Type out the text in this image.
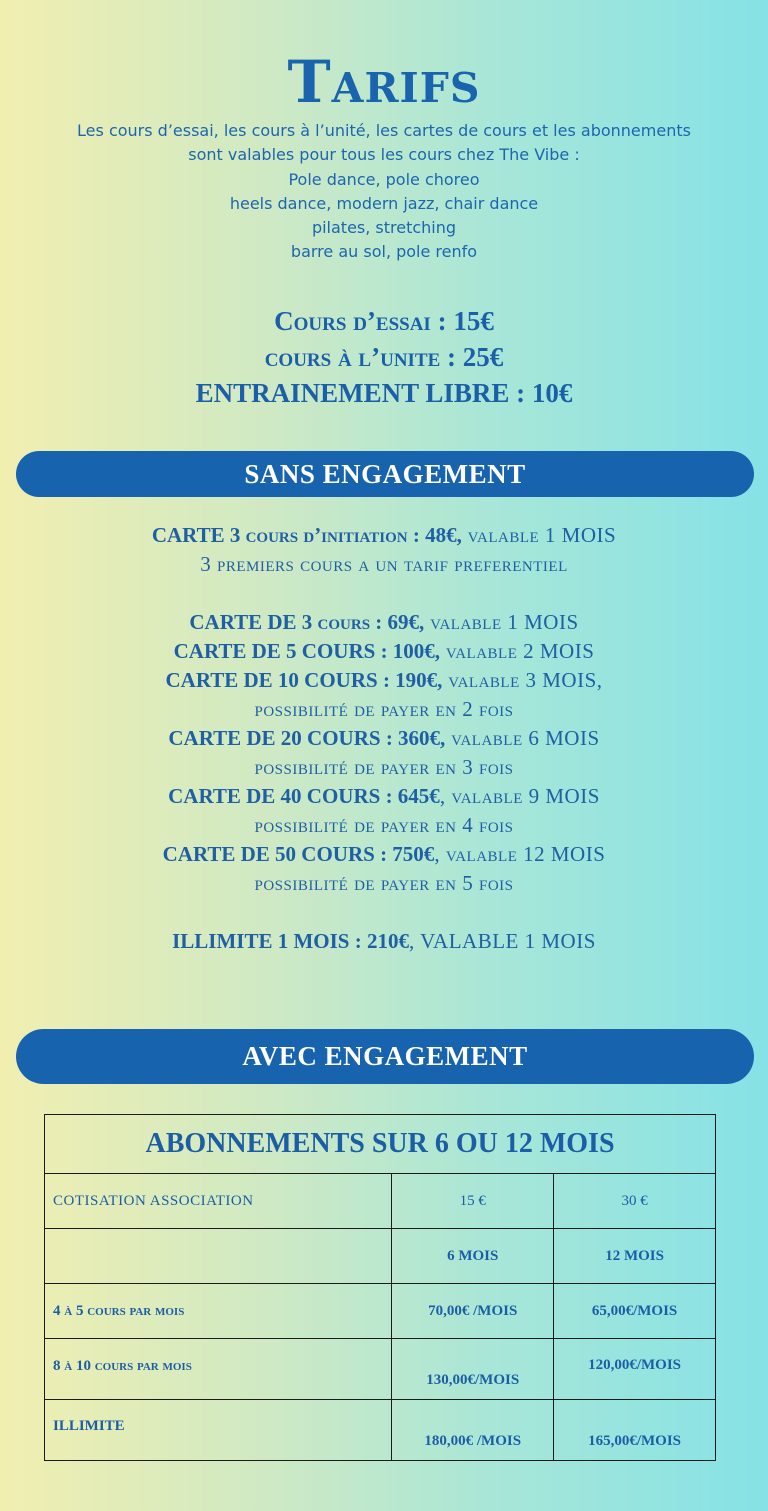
Tarifs
Les cours d’essai, les cours à l’unité, les cartes de cours et les abonnements
sont valables pour tous les cours chez The Vibe :
Pole dance, pole choreo
heels dance, modern jazz, chair dance
pilates, stretching
barre au sol, pole renfo
Cours d’essai : 15€
cours à l’unite : 25€
ENTRAINEMENT LIBRE : 10€
SANS ENGAGEMENT
CARTE 3 cours d’initiation : 48€, valable 1 MOIS
3 premiers cours a un tarif preferentiel
CARTE DE 3 cours : 69€, valable 1 MOIS
CARTE DE 5 COURS : 100€, valable 2 MOIS
CARTE DE 10 COURS : 190€, valable 3 MOIS,
possibilité de payer en 2 fois
CARTE DE 20 COURS : 360€, valable 6 MOIS
possibilité de payer en 3 fois
CARTE DE 40 COURS : 645€, valable 9 MOIS
possibilité de payer en 4 fois
CARTE DE 50 COURS : 750€, valable 12 MOIS
possibilité de payer en 5 fois
ILLIMITE 1 MOIS : 210€, VALABLE 1 MOIS
AVEC ENGAGEMENT
ABONNEMENTS SUR 6 OU 12 MOIS		
COTISATION ASSOCIATION	15 €	30 €
	6 MOIS	12 MOIS
4 à 5 cours par mois	70,00€ /MOIS	65,00€/MOIS
8 à 10 cours par mois	130,00€/MOIS	120,00€/MOIS
ILLIMITE	180,00€ /MOIS	165,00€/MOIS
